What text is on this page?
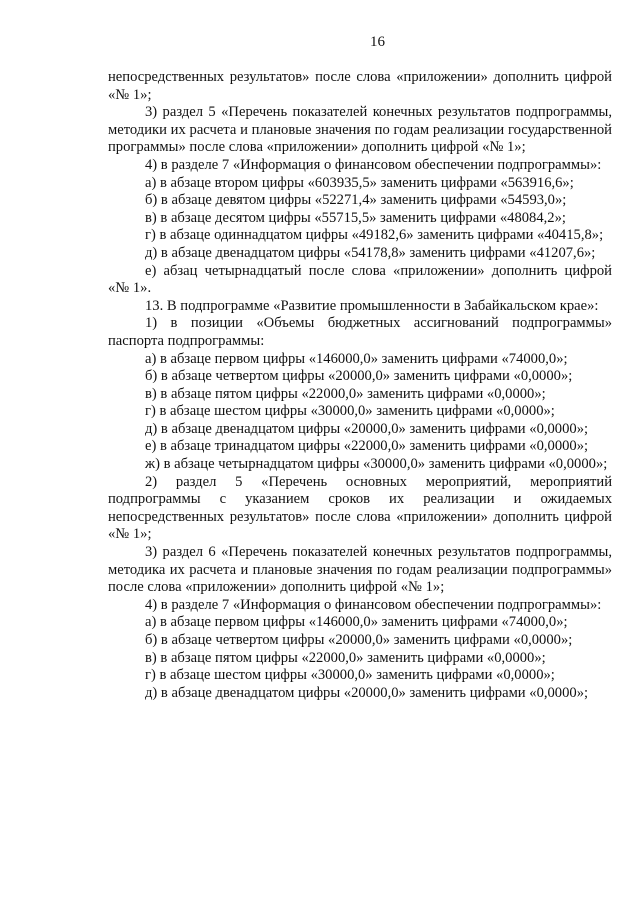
16

непосредственных результатов» после слова «приложении» дополнить цифрой «№ 1»;

3) раздел 5 «Перечень показателей конечных результатов подпрограммы, методики их расчета и плановые значения по годам реализации государственной программы» после слова «приложении» дополнить цифрой «№ 1»;

4) в разделе 7 «Информация о финансовом обеспечении подпрограммы»:

а) в абзаце втором цифры «603935,5» заменить цифрами «563916,6»;

б) в абзаце девятом цифры «52271,4» заменить цифрами «54593,0»;

в) в абзаце десятом цифры «55715,5» заменить цифрами «48084,2»;

г) в абзаце одиннадцатом цифры «49182,6» заменить цифрами «40415,8»;

д) в абзаце двенадцатом цифры «54178,8» заменить цифрами «41207,6»;

е) абзац четырнадцатый после слова «приложении» дополнить цифрой «№ 1».

13. В подпрограмме «Развитие промышленности в Забайкальском крае»:

1) в позиции «Объемы бюджетных ассигнований подпрограммы» паспорта подпрограммы:

а) в абзаце первом цифры «146000,0» заменить цифрами «74000,0»;

б) в абзаце четвертом цифры «20000,0» заменить цифрами «0,0000»;

в) в абзаце пятом цифры «22000,0» заменить цифрами «0,0000»;

г) в абзаце шестом цифры «30000,0» заменить цифрами «0,0000»;

д) в абзаце двенадцатом цифры «20000,0» заменить цифрами «0,0000»;

е) в абзаце тринадцатом цифры «22000,0» заменить цифрами «0,0000»;

ж) в абзаце четырнадцатом цифры «30000,0» заменить цифрами «0,0000»;

2) раздел 5 «Перечень основных мероприятий, мероприятий подпрограммы с указанием сроков их реализации и ожидаемых непосредственных результатов» после слова «приложении» дополнить цифрой «№ 1»;

3) раздел 6 «Перечень показателей конечных результатов подпрограммы, методика их расчета и плановые значения по годам реализации подпрограммы» после слова «приложении» дополнить цифрой «№ 1»;

4) в разделе 7 «Информация о финансовом обеспечении подпрограммы»:

а) в абзаце первом цифры «146000,0» заменить цифрами «74000,0»;

б) в абзаце четвертом цифры «20000,0» заменить цифрами «0,0000»;

в) в абзаце пятом цифры «22000,0» заменить цифрами «0,0000»;

г) в абзаце шестом цифры «30000,0» заменить цифрами «0,0000»;

д) в абзаце двенадцатом цифры «20000,0» заменить цифрами «0,0000»;
